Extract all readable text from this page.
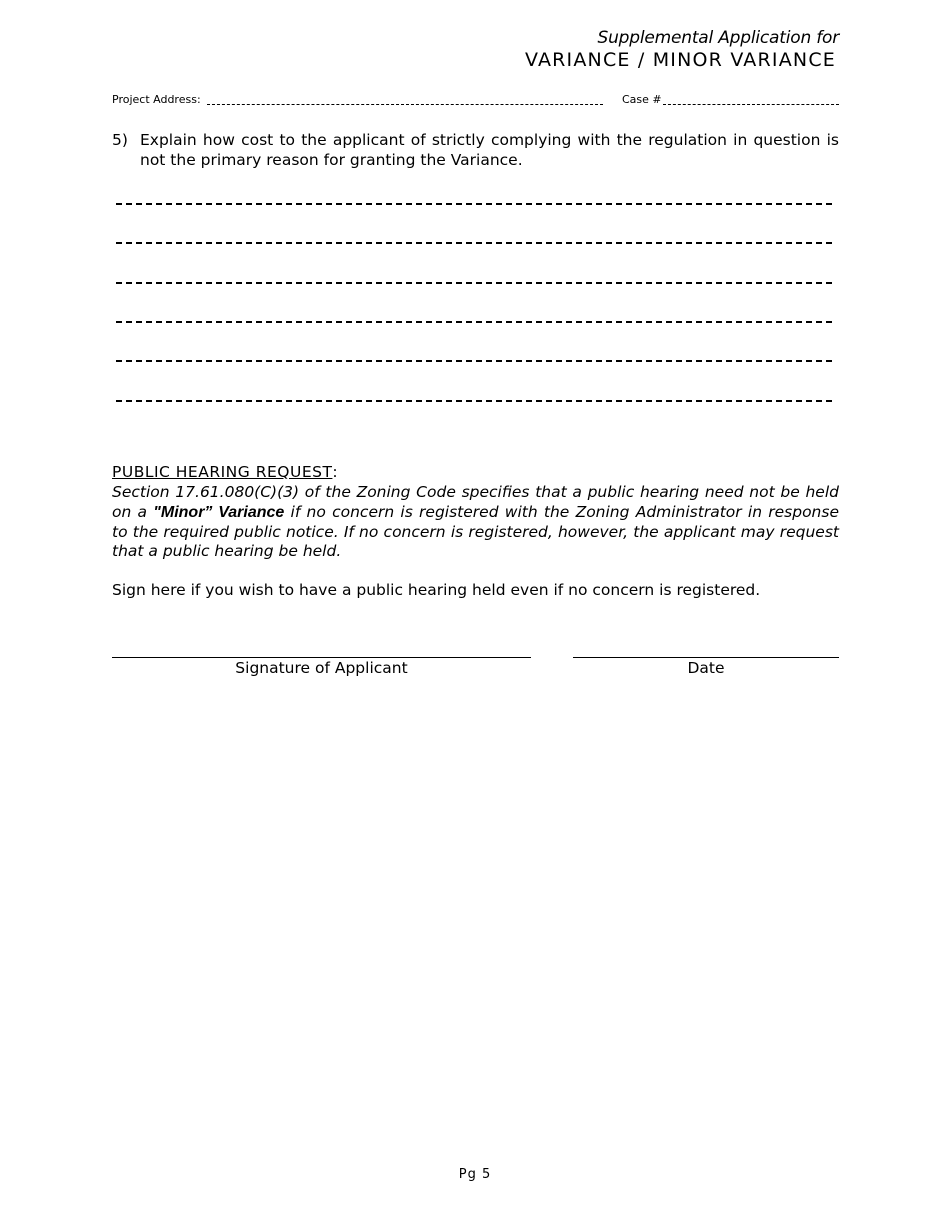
Supplemental Application for
VARIANCE / MINOR VARIANCE
Project Address:	Case #
5) Explain how cost to the applicant of strictly complying with the regulation in question is not the primary reason for granting the Variance.
PUBLIC HEARING REQUEST:
Section 17.61.080(C)(3) of the Zoning Code specifies that a public hearing need not be held on a "Minor” Variance if no concern is registered with the Zoning Administrator in response to the required public notice. If no concern is registered, however, the applicant may request that a public hearing be held.
Sign here if you wish to have a public hearing held even if no concern is registered.
Signature of Applicant	Date
Pg 5
